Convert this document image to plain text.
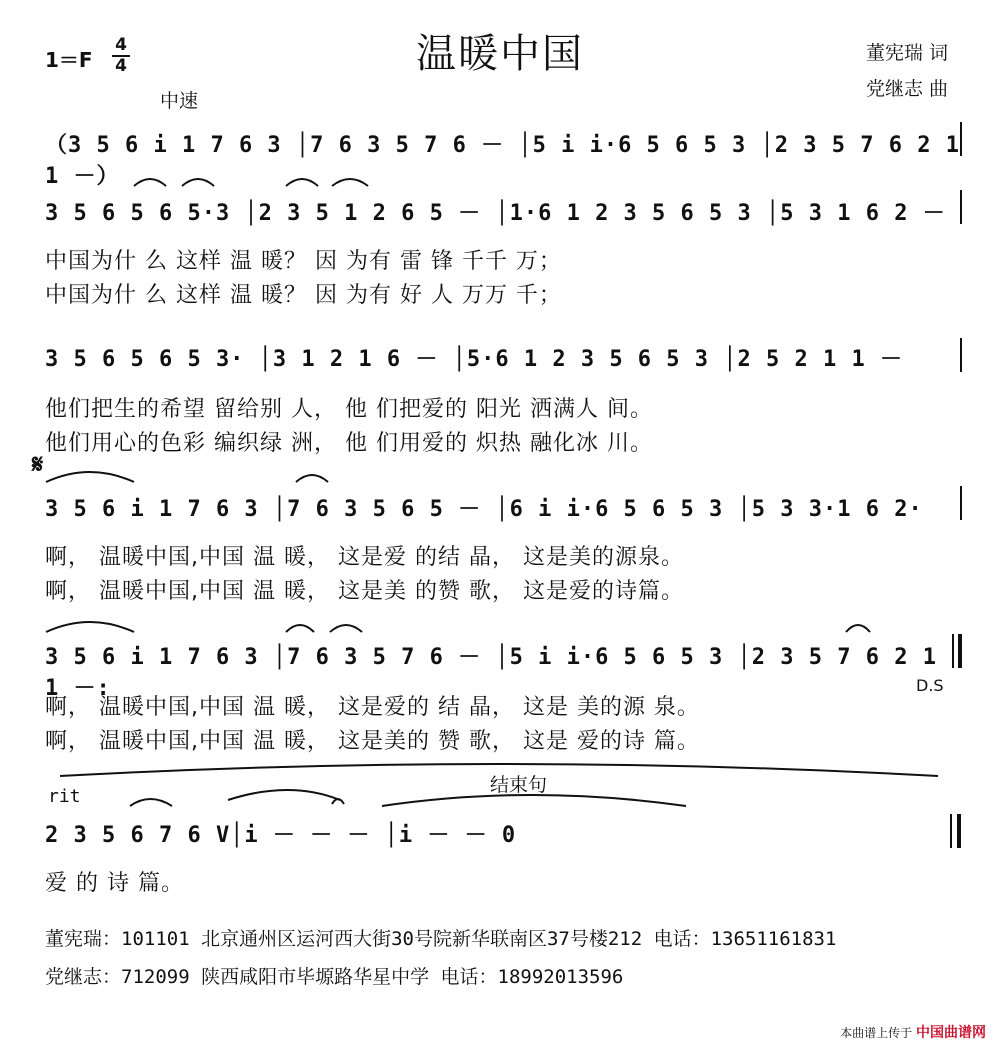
温暖中国
1＝F
4
4
董宪瑞 词
党继志 曲
中速
（3 5 6 i 1 7 6 3 │7 6 3 5 7 6 － │5 i i·6 5 6 5 3 │2 3 5 7 6 2 1 1 －）
3 5 6 5 6 5·3 │2 3 5 1 2 6 5 － │1·6 1 2 3 5 6 5 3 │5 3 1 6 2 －
中国为什 么 这样 温 暖？ 因 为有 雷 锋 千千 万；
中国为什 么 这样 温 暖？ 因 为有 好 人 万万 千；
3 5 6 5 6 5 3· │3 1 2 1 6 － │5·6 1 2 3 5 6 5 3 │2 5 2 1 1 －
他们把生的希望 留给别 人， 他 们把爱的 阳光 洒满人 间。
他们用心的色彩 编织绿 洲， 他 们用爱的 炽热 融化冰 川。
𝄋
3 5 6 i 1 7 6 3 │7 6 3 5 6 5 － │6 i i·6 5 6 5 3 │5 3 3·1 6 2·
啊， 温暖中国,中国 温 暖， 这是爱 的结 晶， 这是美的源泉。
啊， 温暖中国,中国 温 暖， 这是美 的赞 歌， 这是爱的诗篇。
3 5 6 i 1 7 6 3 │7 6 3 5 7 6 － │5 i i·6 5 6 5 3 │2 3 5 7 6 2 1 1 －:
啊， 温暖中国,中国 温 暖， 这是爱的 结 晶， 这是 美的源 泉。
啊， 温暖中国,中国 温 暖， 这是美的 赞 歌， 这是 爱的诗 篇。
D.S
结束句
rit
2 3 5 6 7 6 V│i － － － │i － － 0
爱 的 诗 篇。
董宪瑞：101101 北京通州区运河西大街30号院新华联南区37号楼212 电话：13651161831
党继志：712099 陕西咸阳市毕塬路华星中学 电话：18992013596
本曲谱上传于 中国曲谱网
